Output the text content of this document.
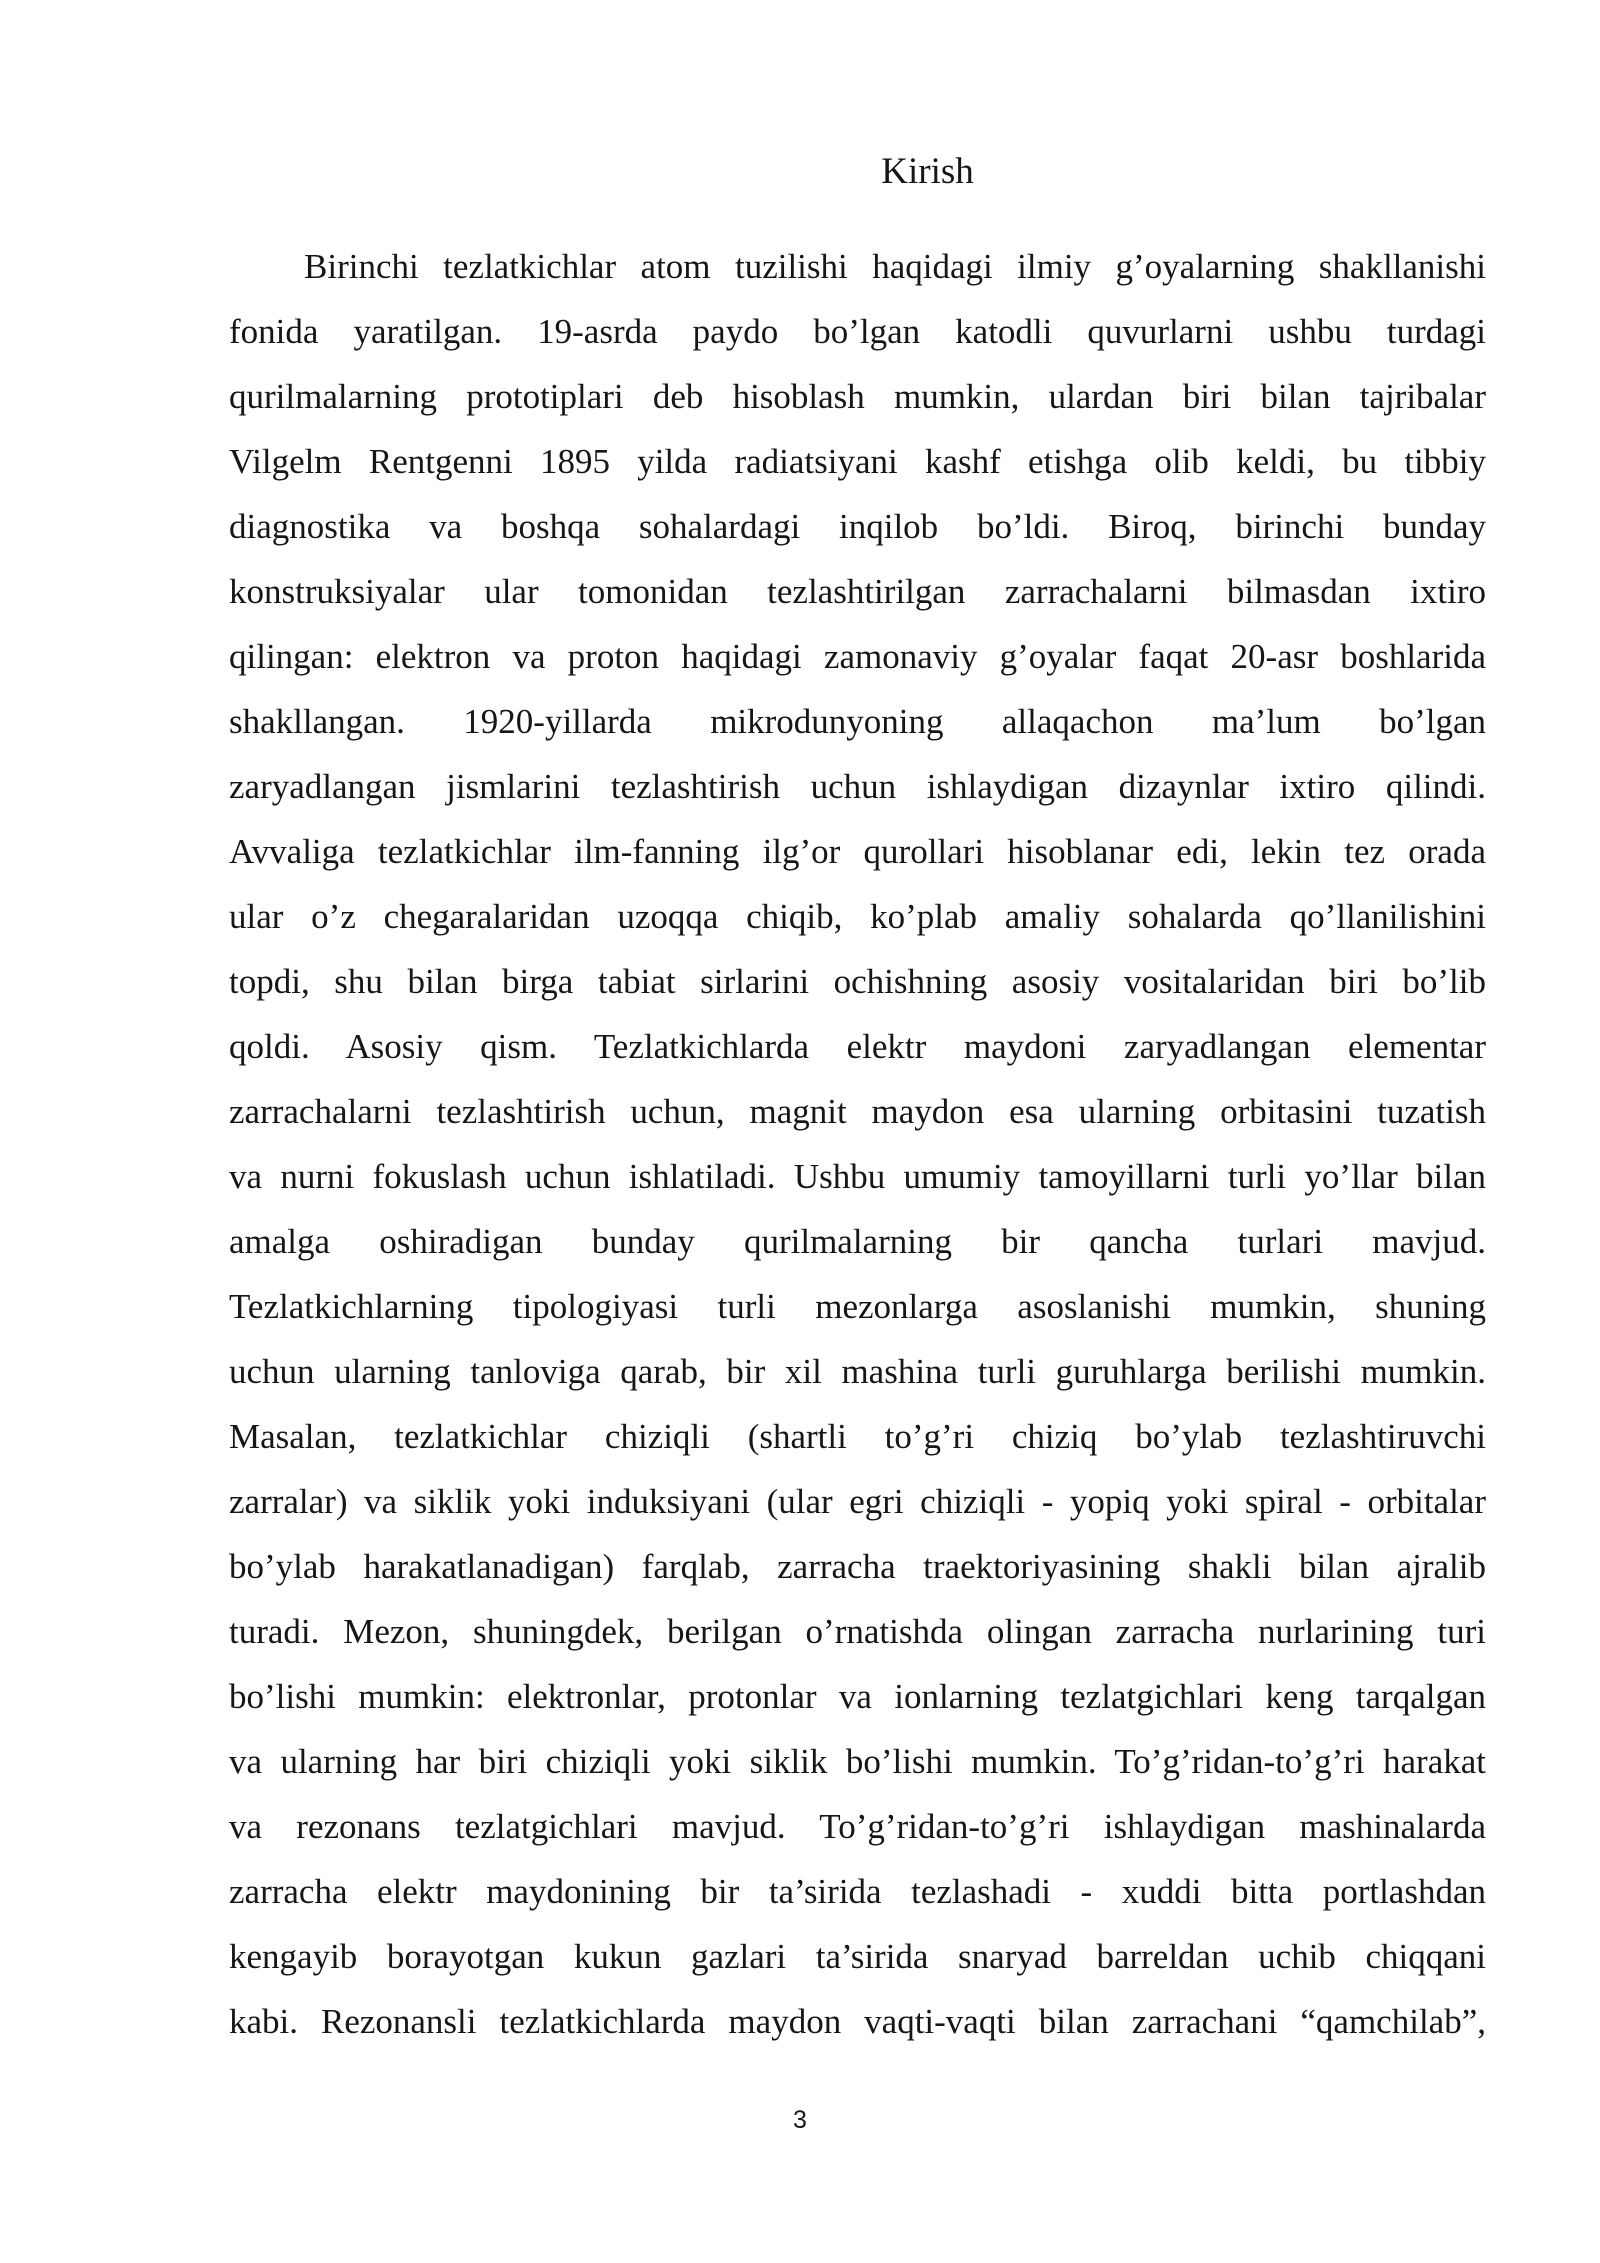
Kirish
Birinchi tezlatkichlar atom tuzilishi haqidagi ilmiy g’oyalarning shakllanishi
fonida yaratilgan. 19-asrda paydo bo’lgan katodli quvurlarni ushbu turdagi
qurilmalarning prototiplari deb hisoblash mumkin, ulardan biri bilan tajribalar
Vilgelm Rentgenni 1895 yilda radiatsiyani kashf etishga olib keldi, bu tibbiy
diagnostika va boshqa sohalardagi inqilob bo’ldi. Biroq, birinchi bunday
konstruksiyalar ular tomonidan tezlashtirilgan zarrachalarni bilmasdan ixtiro
qilingan: elektron va proton haqidagi zamonaviy g’oyalar faqat 20-asr boshlarida
shakllangan. 1920-yillarda mikrodunyoning allaqachon ma’lum bo’lgan
zaryadlangan jismlarini tezlashtirish uchun ishlaydigan dizaynlar ixtiro qilindi.
Avvaliga tezlatkichlar ilm-fanning ilg’or qurollari hisoblanar edi, lekin tez orada
ular o’z chegaralaridan uzoqqa chiqib, ko’plab amaliy sohalarda qo’llanilishini
topdi, shu bilan birga tabiat sirlarini ochishning asosiy vositalaridan biri bo’lib
qoldi. Asosiy qism. Tezlatkichlarda elektr maydoni zaryadlangan elementar
zarrachalarni tezlashtirish uchun, magnit maydon esa ularning orbitasini tuzatish
va nurni fokuslash uchun ishlatiladi. Ushbu umumiy tamoyillarni turli yo’llar bilan
amalga oshiradigan bunday qurilmalarning bir qancha turlari mavjud.
Tezlatkichlarning tipologiyasi turli mezonlarga asoslanishi mumkin, shuning
uchun ularning tanloviga qarab, bir xil mashina turli guruhlarga berilishi mumkin.
Masalan, tezlatkichlar chiziqli (shartli to’g’ri chiziq bo’ylab tezlashtiruvchi
zarralar) va siklik yoki induksiyani (ular egri chiziqli - yopiq yoki spiral - orbitalar
bo’ylab harakatlanadigan) farqlab, zarracha traektoriyasining shakli bilan ajralib
turadi. Mezon, shuningdek, berilgan o’rnatishda olingan zarracha nurlarining turi
bo’lishi mumkin: elektronlar, protonlar va ionlarning tezlatgichlari keng tarqalgan
va ularning har biri chiziqli yoki siklik bo’lishi mumkin. To’g’ridan-to’g’ri harakat
va rezonans tezlatgichlari mavjud. To’g’ridan-to’g’ri ishlaydigan mashinalarda
zarracha elektr maydonining bir ta’sirida tezlashadi - xuddi bitta portlashdan
kengayib borayotgan kukun gazlari ta’sirida snaryad barreldan uchib chiqqani
kabi. Rezonansli tezlatkichlarda maydon vaqti-vaqti bilan zarrachani “qamchilab”,
3
